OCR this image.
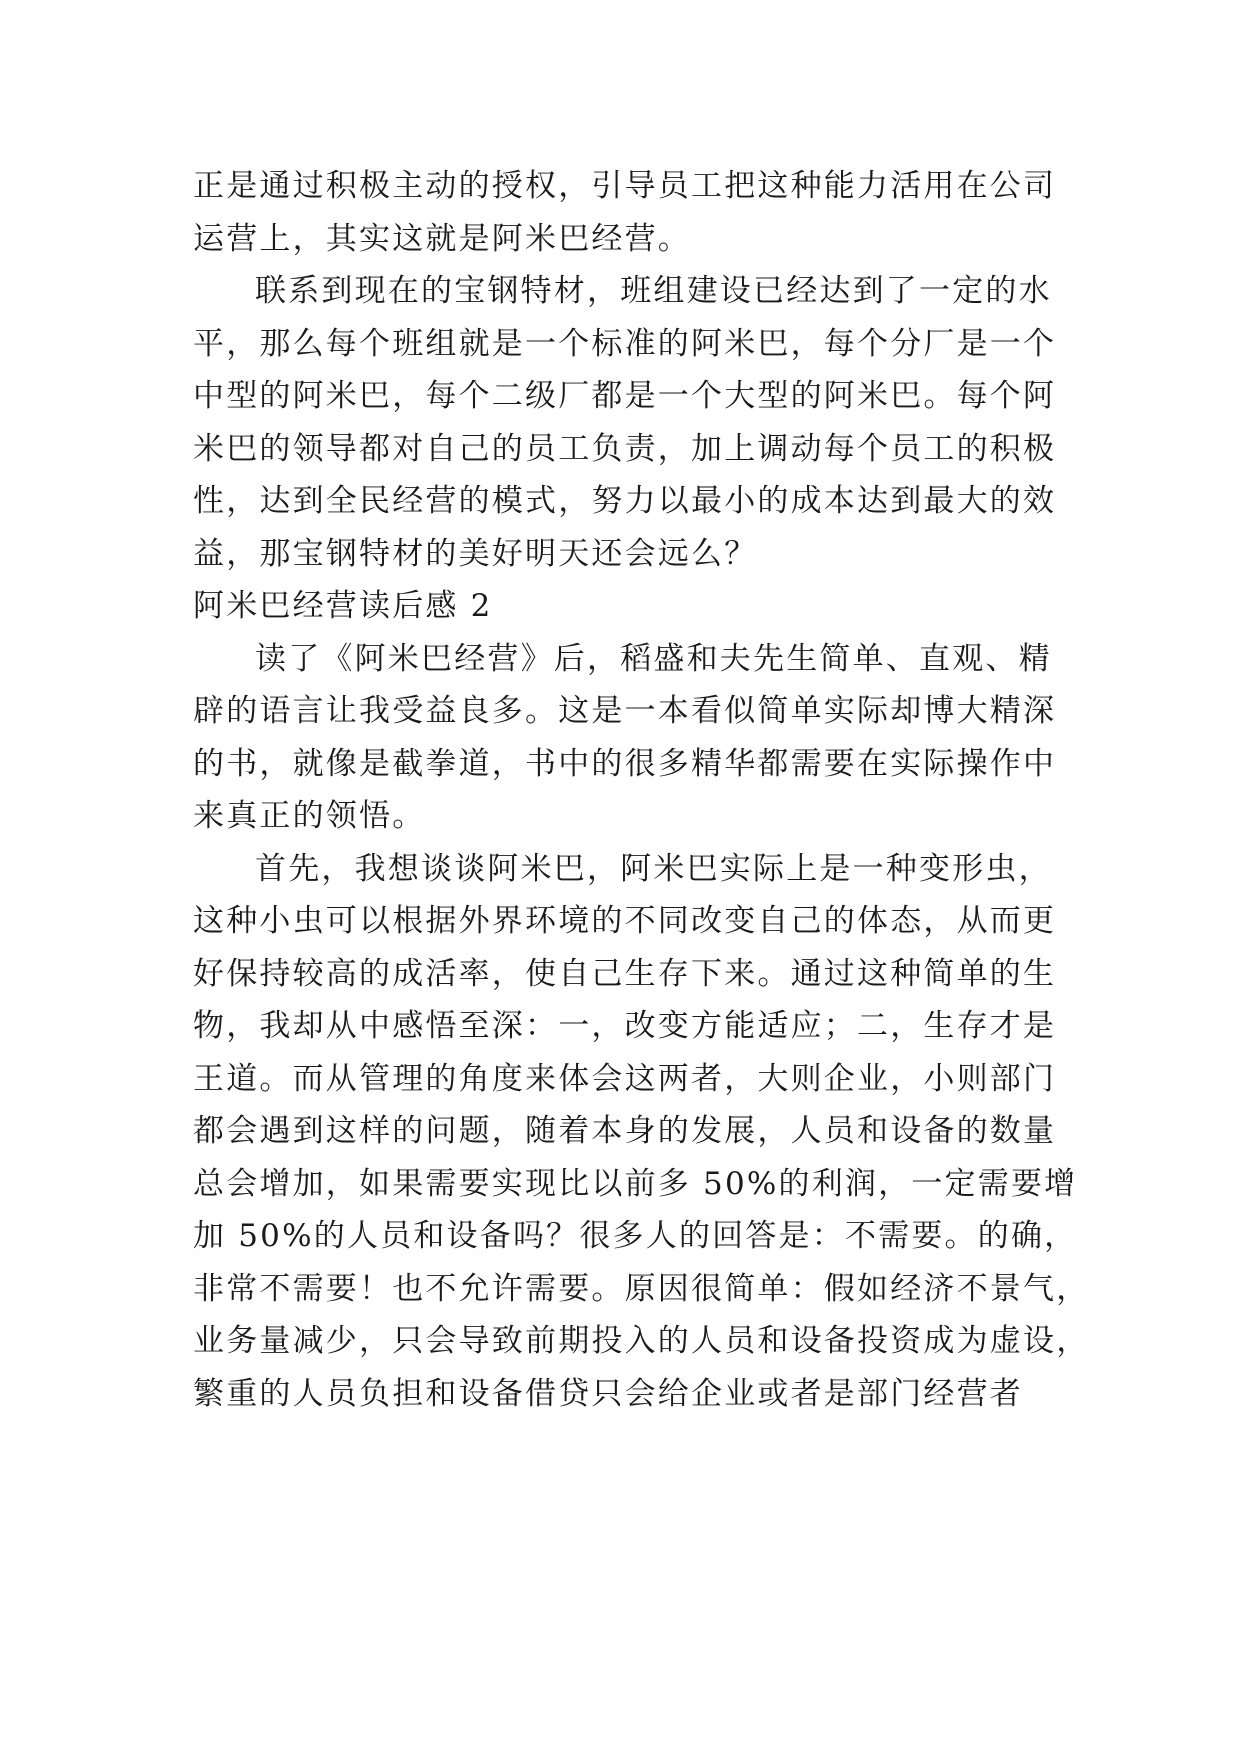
正是通过积极主动的授权，引导员工把这种能力活用在公司
运营上，其实这就是阿米巴经营。
联系到现在的宝钢特材，班组建设已经达到了一定的水
平，那么每个班组就是一个标准的阿米巴，每个分厂是一个
中型的阿米巴，每个二级厂都是一个大型的阿米巴。每个阿
米巴的领导都对自己的员工负责，加上调动每个员工的积极
性，达到全民经营的模式，努力以最小的成本达到最大的效
益，那宝钢特材的美好明天还会远么？
阿米巴经营读后感 2
读了《阿米巴经营》后，稻盛和夫先生简单、直观、精
辟的语言让我受益良多。这是一本看似简单实际却博大精深
的书，就像是截拳道，书中的很多精华都需要在实际操作中
来真正的领悟。
首先，我想谈谈阿米巴，阿米巴实际上是一种变形虫，
这种小虫可以根据外界环境的不同改变自己的体态，从而更
好保持较高的成活率，使自己生存下来。通过这种简单的生
物，我却从中感悟至深：一，改变方能适应；二，生存才是
王道。而从管理的角度来体会这两者，大则企业，小则部门
都会遇到这样的问题，随着本身的发展，人员和设备的数量
总会增加，如果需要实现比以前多 50%的利润，一定需要增
加 50%的人员和设备吗？很多人的回答是：不需要。的确，
非常不需要！也不允许需要。原因很简单：假如经济不景气，
业务量减少，只会导致前期投入的人员和设备投资成为虚设，
繁重的人员负担和设备借贷只会给企业或者是部门经营者
